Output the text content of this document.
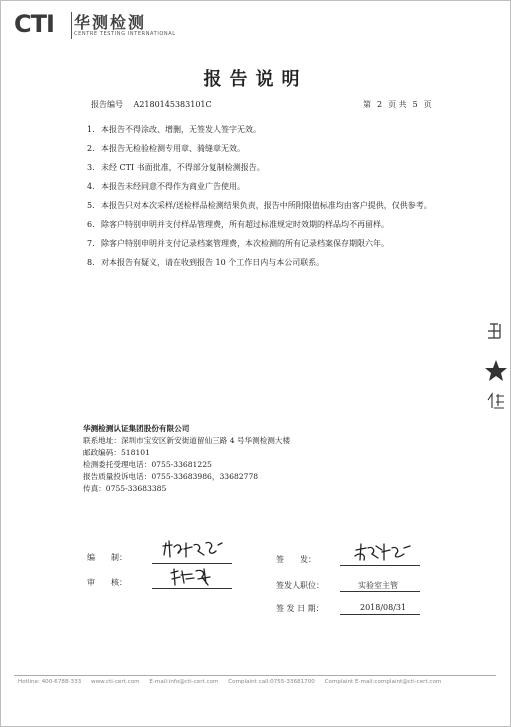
CTI 华测检测
CENTRE TESTING INTERNATIONAL
报告说明
报告编号 A2180145383101C	第 2 页 共 5 页
1. 本报告不得涂改、增删，无签发人签字无效。
2. 本报告无检验检测专用章、骑缝章无效。
3. 未经 CTI 书面批准，不得部分复制检测报告。
4. 本报告未经同意不得作为商业广告使用。
5. 本报告只对本次采样/送检样品检测结果负责，报告中所附限值标准均由客户提供，仅供参考。
6. 除客户特别申明并支付样品管理费，所有超过标准规定时效期的样品均不再留样。
7. 除客户特别申明并支付记录档案管理费，本次检测的所有记录档案保存期限六年。
8. 对本报告有疑义，请在收到报告 10 个工作日内与本公司联系。
华测检测认证集团股份有限公司
联系地址：深圳市宝安区新安街道留仙三路 4 号华测检测大楼
邮政编码：518101
检测委托受理电话：0755-33681225
报告质量投诉电话：0755-33683986，33682778
传真：0755-33683385
编　　制：
审　　核：
签　　发：
签发人职位：	实验室主管
签 发 日 期：	2018/08/31
Hotline: 400-6788-333 www.cti-cert.com E-mail:info@cti-cert.com Complaint call:0755-33681700 Complaint E-mail:complaint@cti-cert.com
